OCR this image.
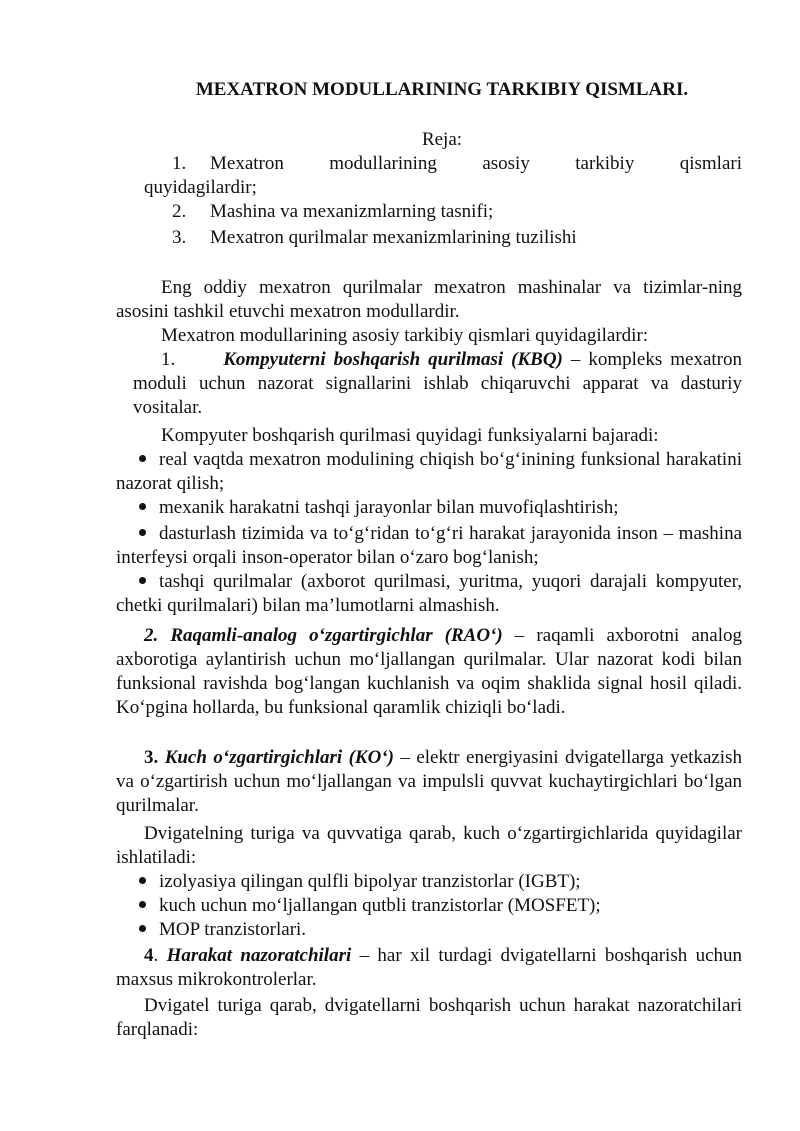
MEXATRON MODULLARINING TARKIBIY QISMLARI.
Reja:
1.	Mexatron modullarining asosiy tarkibiy qismlari
quyidagilardir;
2.	Mashina va mexanizmlarning tasnifi;
3.	Mexatron qurilmalar mexanizmlarining tuzilishi
Eng oddiy mexatron qurilmalar mexatron mashinalar va tizimlar-ning asosini tashkil etuvchi mexatron modullardir.
Mexatron modullarining asosiy tarkibiy qismlari quyidagilardir:
1.	Kompyuterni boshqarish qurilmasi (KBQ) – kompleks mexatron moduli uchun nazorat signallarini ishlab chiqaruvchi apparat va dasturiy vositalar.
Kompyuter boshqarish qurilmasi quyidagi funksiyalarni bajaradi:
real vaqtda mexatron modulining chiqish bo‘g‘inining funksional harakatini nazorat qilish;
mexanik harakatni tashqi jarayonlar bilan muvofiqlashtirish;
dasturlash tizimida va to‘g‘ridan to‘g‘ri harakat jarayonida inson – mashina interfeysi orqali inson-operator bilan o‘zaro bog‘lanish;
tashqi qurilmalar (axborot qurilmasi, yuritma, yuqori darajali kompyuter, chetki qurilmalari) bilan ma’lumotlarni almashish.
2. Raqamli-analog o‘zgartirgichlar (RAO‘) – raqamli axborotni analog axborotiga aylantirish uchun mo‘ljallangan qurilmalar. Ular nazorat kodi bilan funksional ravishda bog‘langan kuchlanish va oqim shaklida signal hosil qiladi. Ko‘pgina hollarda, bu funksional qaramlik chiziqli bo‘ladi.
3. Kuch o‘zgartirgichlari (KO‘) – elektr energiyasini dvigatellarga yetkazish va o‘zgartirish uchun mo‘ljallangan va impulsli quvvat kuchaytirgichlari bo‘lgan qurilmalar.
Dvigatelning turiga va quvvatiga qarab, kuch o‘zgartirgichlarida quyidagilar ishlatiladi:
izolyasiya qilingan qulfli bipolyar tranzistorlar (IGBT);
kuch uchun mo‘ljallangan qutbli tranzistorlar (MOSFET);
MOP tranzistorlari.
4. Harakat nazoratchilari – har xil turdagi dvigatellarni boshqarish uchun maxsus mikrokontrolerlar.
Dvigatel turiga qarab, dvigatellarni boshqarish uchun harakat nazoratchilari farqlanadi:
